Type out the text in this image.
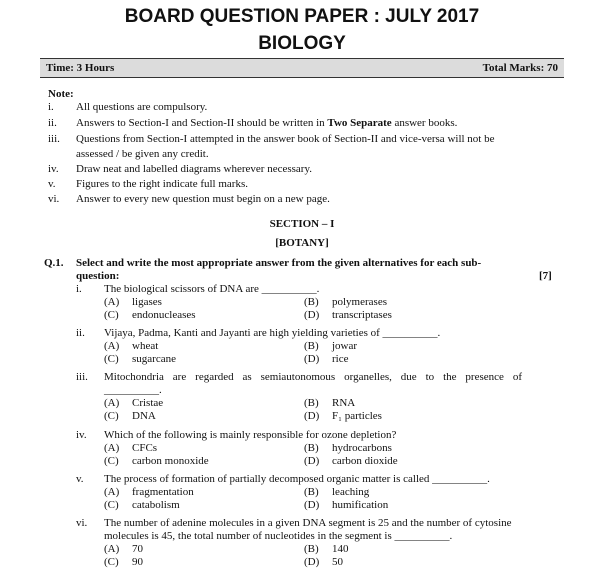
BOARD QUESTION PAPER : JULY 2017
BIOLOGY
Time: 3 Hours	Total Marks: 70
Note:
i. All questions are compulsory.
ii. Answers to Section-I and Section-II should be written in Two Separate answer books.
iii. Questions from Section-I attempted in the answer book of Section-II and vice-versa will not be
assessed / be given any credit.
iv. Draw neat and labelled diagrams wherever necessary.
v. Figures to the right indicate full marks.
vi. Answer to every new question must begin on a new page.
SECTION – I
[BOTANY]
Q.1. Select and write the most appropriate answer from the given alternatives for each sub-
question:	[7]
i. The biological scissors of DNA are __________.
(A) ligases	(B) polymerases
(C) endonucleases	(D) transcriptases
ii. Vijaya, Padma, Kanti and Jayanti are high yielding varieties of __________.
(A) wheat	(B) jowar
(C) sugarcane	(D) rice
iii. Mitochondria are regarded as semiautonomous organelles, due to the presence of
__________.
(A) Cristae	(B) RNA
(C) DNA	(D) F₁ particles
iv. Which of the following is mainly responsible for ozone depletion?
(A) CFCs	(B) hydrocarbons
(C) carbon monoxide	(D) carbon dioxide
v. The process of formation of partially decomposed organic matter is called __________.
(A) fragmentation	(B) leaching
(C) catabolism	(D) humification
vi. The number of adenine molecules in a given DNA segment is 25 and the number of cytosine
molecules is 45, the total number of nucleotides in the segment is __________.
(A) 70	(B) 140
(C) 90	(D) 50
